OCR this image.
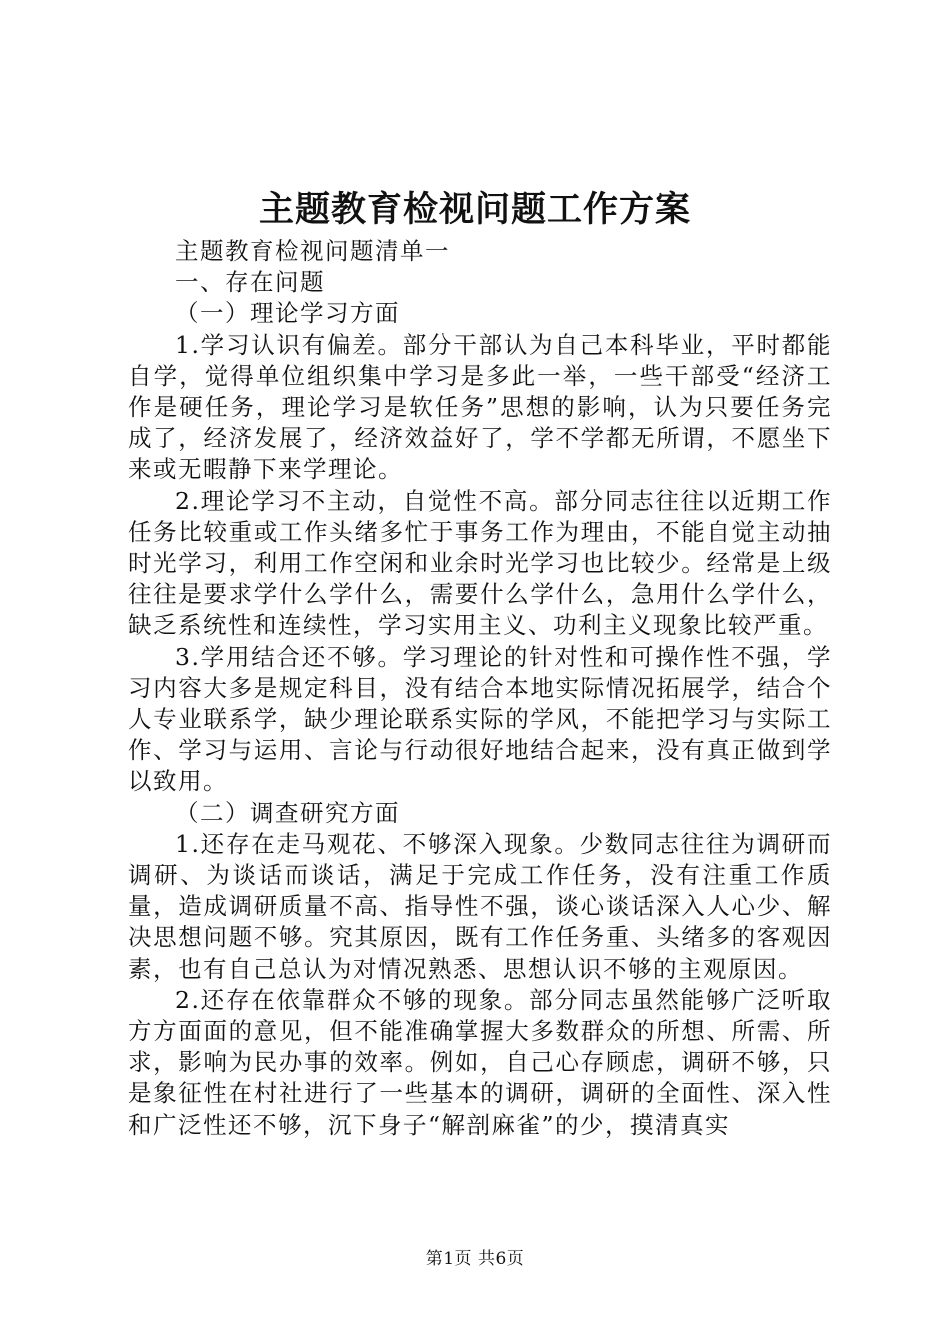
主题教育检视问题工作方案

主题教育检视问题清单一

一、存在问题

（一）理论学习方面

1.学习认识有偏差。部分干部认为自己本科毕业，平时都能自学，觉得单位组织集中学习是多此一举，一些干部受“经济工作是硬任务，理论学习是软任务”思想的影响，认为只要任务完成了，经济发展了，经济效益好了，学不学都无所谓，不愿坐下来或无暇静下来学理论。

2.理论学习不主动，自觉性不高。部分同志往往以近期工作任务比较重或工作头绪多忙于事务工作为理由，不能自觉主动抽时光学习，利用工作空闲和业余时光学习也比较少。经常是上级往往是要求学什么学什么，需要什么学什么，急用什么学什么，缺乏系统性和连续性，学习实用主义、功利主义现象比较严重。

3.学用结合还不够。学习理论的针对性和可操作性不强，学习内容大多是规定科目，没有结合本地实际情况拓展学，结合个人专业联系学，缺少理论联系实际的学风，不能把学习与实际工作、学习与运用、言论与行动很好地结合起来，没有真正做到学以致用。

（二）调查研究方面

1.还存在走马观花、不够深入现象。少数同志往往为调研而调研、为谈话而谈话，满足于完成工作任务，没有注重工作质量，造成调研质量不高、指导性不强，谈心谈话深入人心少、解决思想问题不够。究其原因，既有工作任务重、头绪多的客观因素，也有自己总认为对情况熟悉、思想认识不够的主观原因。

2.还存在依靠群众不够的现象。部分同志虽然能够广泛听取方方面面的意见，但不能准确掌握大多数群众的所想、所需、所求，影响为民办事的效率。例如，自己心存顾虑，调研不够，只是象征性在村社进行了一些基本的调研，调研的全面性、深入性和广泛性还不够，沉下身子“解剖麻雀”的少，摸清真实

第1页 共6页
